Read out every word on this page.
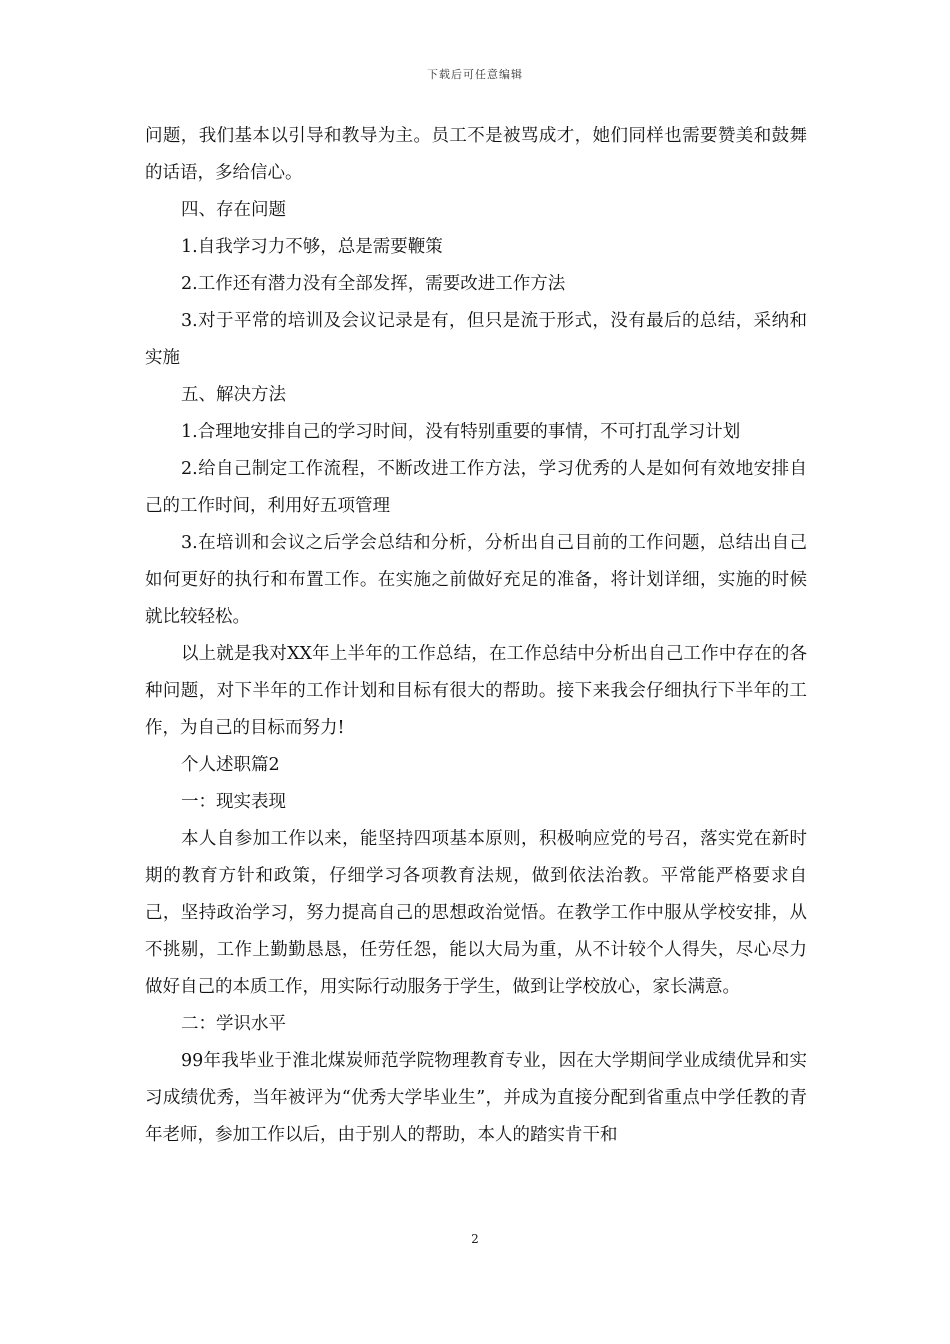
下载后可任意编辑

问题，我们基本以引导和教导为主。员工不是被骂成才，她们同样也需要赞美和鼓舞的话语，多给信心。

四、存在问题

1.自我学习力不够，总是需要鞭策

2.工作还有潜力没有全部发挥，需要改进工作方法

3.对于平常的培训及会议记录是有，但只是流于形式，没有最后的总结，采纳和实施

五、解决方法

1.合理地安排自己的学习时间，没有特别重要的事情，不可打乱学习计划

2.给自己制定工作流程，不断改进工作方法，学习优秀的人是如何有效地安排自己的工作时间，利用好五项管理

3.在培训和会议之后学会总结和分析，分析出自己目前的工作问题，总结出自己如何更好的执行和布置工作。在实施之前做好充足的准备，将计划详细，实施的时候就比较轻松。

以上就是我对XX年上半年的工作总结，在工作总结中分析出自己工作中存在的各种问题，对下半年的工作计划和目标有很大的帮助。接下来我会仔细执行下半年的工作，为自己的目标而努力!

个人述职篇2

一：现实表现

本人自参加工作以来，能坚持四项基本原则，积极响应党的号召，落实党在新时期的教育方针和政策，仔细学习各项教育法规，做到依法治教。平常能严格要求自己，坚持政治学习，努力提高自己的思想政治觉悟。在教学工作中服从学校安排，从不挑剔，工作上勤勤恳恳，任劳任怨，能以大局为重，从不计较个人得失，尽心尽力做好自己的本质工作，用实际行动服务于学生，做到让学校放心，家长满意。

二：学识水平

99年我毕业于淮北煤炭师范学院物理教育专业，因在大学期间学业成绩优异和实习成绩优秀，当年被评为“优秀大学毕业生”，并成为直接分配到省重点中学任教的青年老师，参加工作以后，由于别人的帮助，本人的踏实肯干和

2
